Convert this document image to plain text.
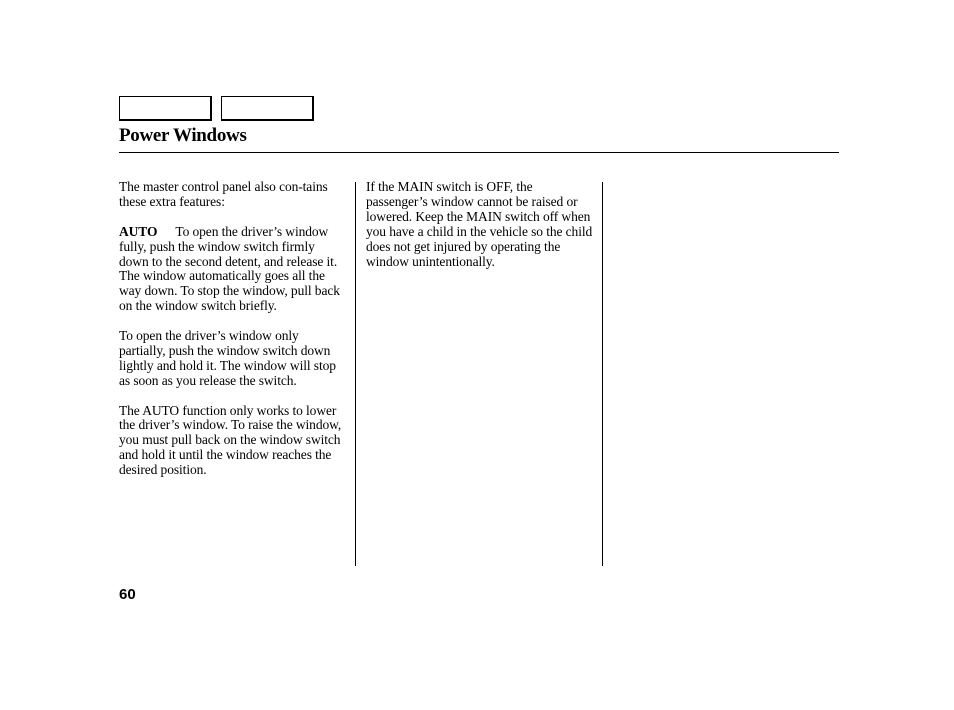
Power Windows

The master control panel also con-tains these extra features:

AUTO To open the driver’s window fully, push the window switch firmly down to the second detent, and release it. The window automatically goes all the way down. To stop the window, pull back on the window switch briefly.

To open the driver’s window only partially, push the window switch down lightly and hold it. The window will stop as soon as you release the switch.

The AUTO function only works to lower the driver’s window. To raise the window, you must pull back on the window switch and hold it until the window reaches the desired position.

If the MAIN switch is OFF, the passenger’s window cannot be raised or lowered. Keep the MAIN switch off when you have a child in the vehicle so the child does not get injured by operating the window unintentionally.

60
